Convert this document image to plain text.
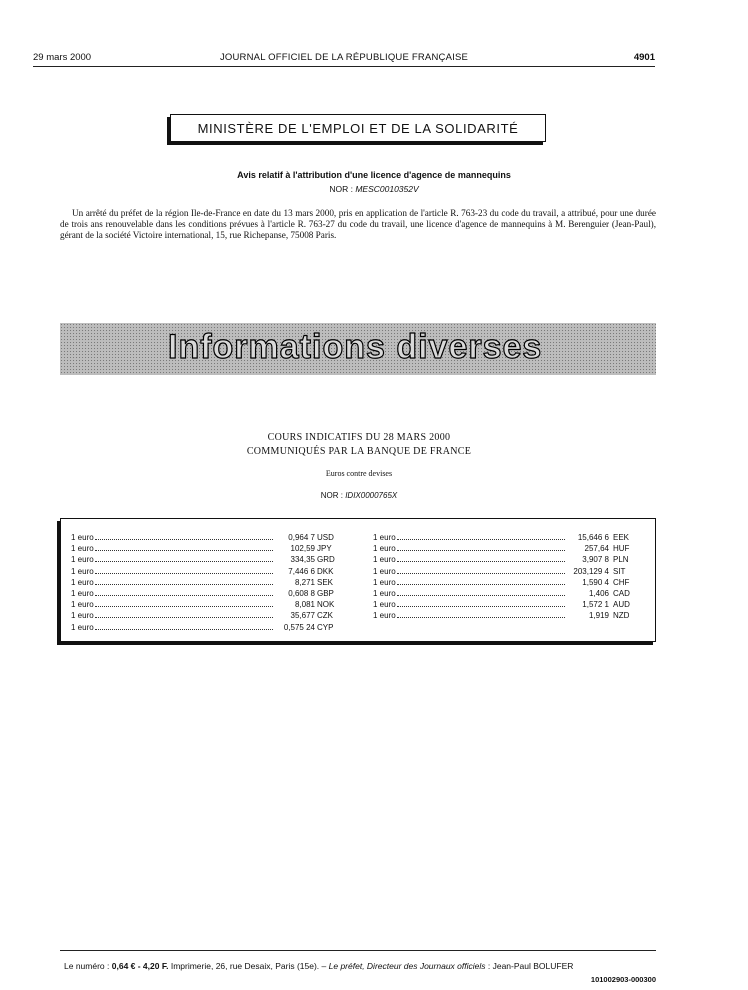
29 mars 2000	JOURNAL OFFICIEL DE LA RÉPUBLIQUE FRANÇAISE	4901
MINISTÈRE DE L'EMPLOI ET DE LA SOLIDARITÉ
Avis relatif à l'attribution d'une licence d'agence de mannequins
NOR : MESC0010352V
Un arrêté du préfet de la région Ile-de-France en date du 13 mars 2000, pris en application de l'article R. 763-23 du code du travail, a attribué, pour une durée de trois ans renouvelable dans les conditions prévues à l'article R. 763-27 du code du travail, une licence d'agence de mannequins à M. Berenguier (Jean-Paul), gérant de la société Victoire international, 15, rue Richepanse, 75008 Paris.
Informations diverses
COURS INDICATIFS DU 28 MARS 2000
COMMUNIQUÉS PAR LA BANQUE DE FRANCE
Euros contre devises
NOR : IDIX0000765X
1 euro	0,964 7 USD
1 euro	102,59 JPY
1 euro	334,35 GRD
1 euro	7,446 6 DKK
1 euro	8,271 SEK
1 euro	0,608 8 GBP
1 euro	8,081 NOK
1 euro	35,677 CZK
1 euro	0,575 24 CYP
1 euro	15,646 6 EEK
1 euro	257,64 HUF
1 euro	3,907 8 PLN
1 euro	203,129 4 SIT
1 euro	1,590 4 CHF
1 euro	1,406 CAD
1 euro	1,572 1 AUD
1 euro	1,919 NZD
Le numéro : 0,64 € - 4,20 F. Imprimerie, 26, rue Desaix, Paris (15e). – Le préfet, Directeur des Journaux officiels : Jean-Paul BOLUFER
101002903-000300
